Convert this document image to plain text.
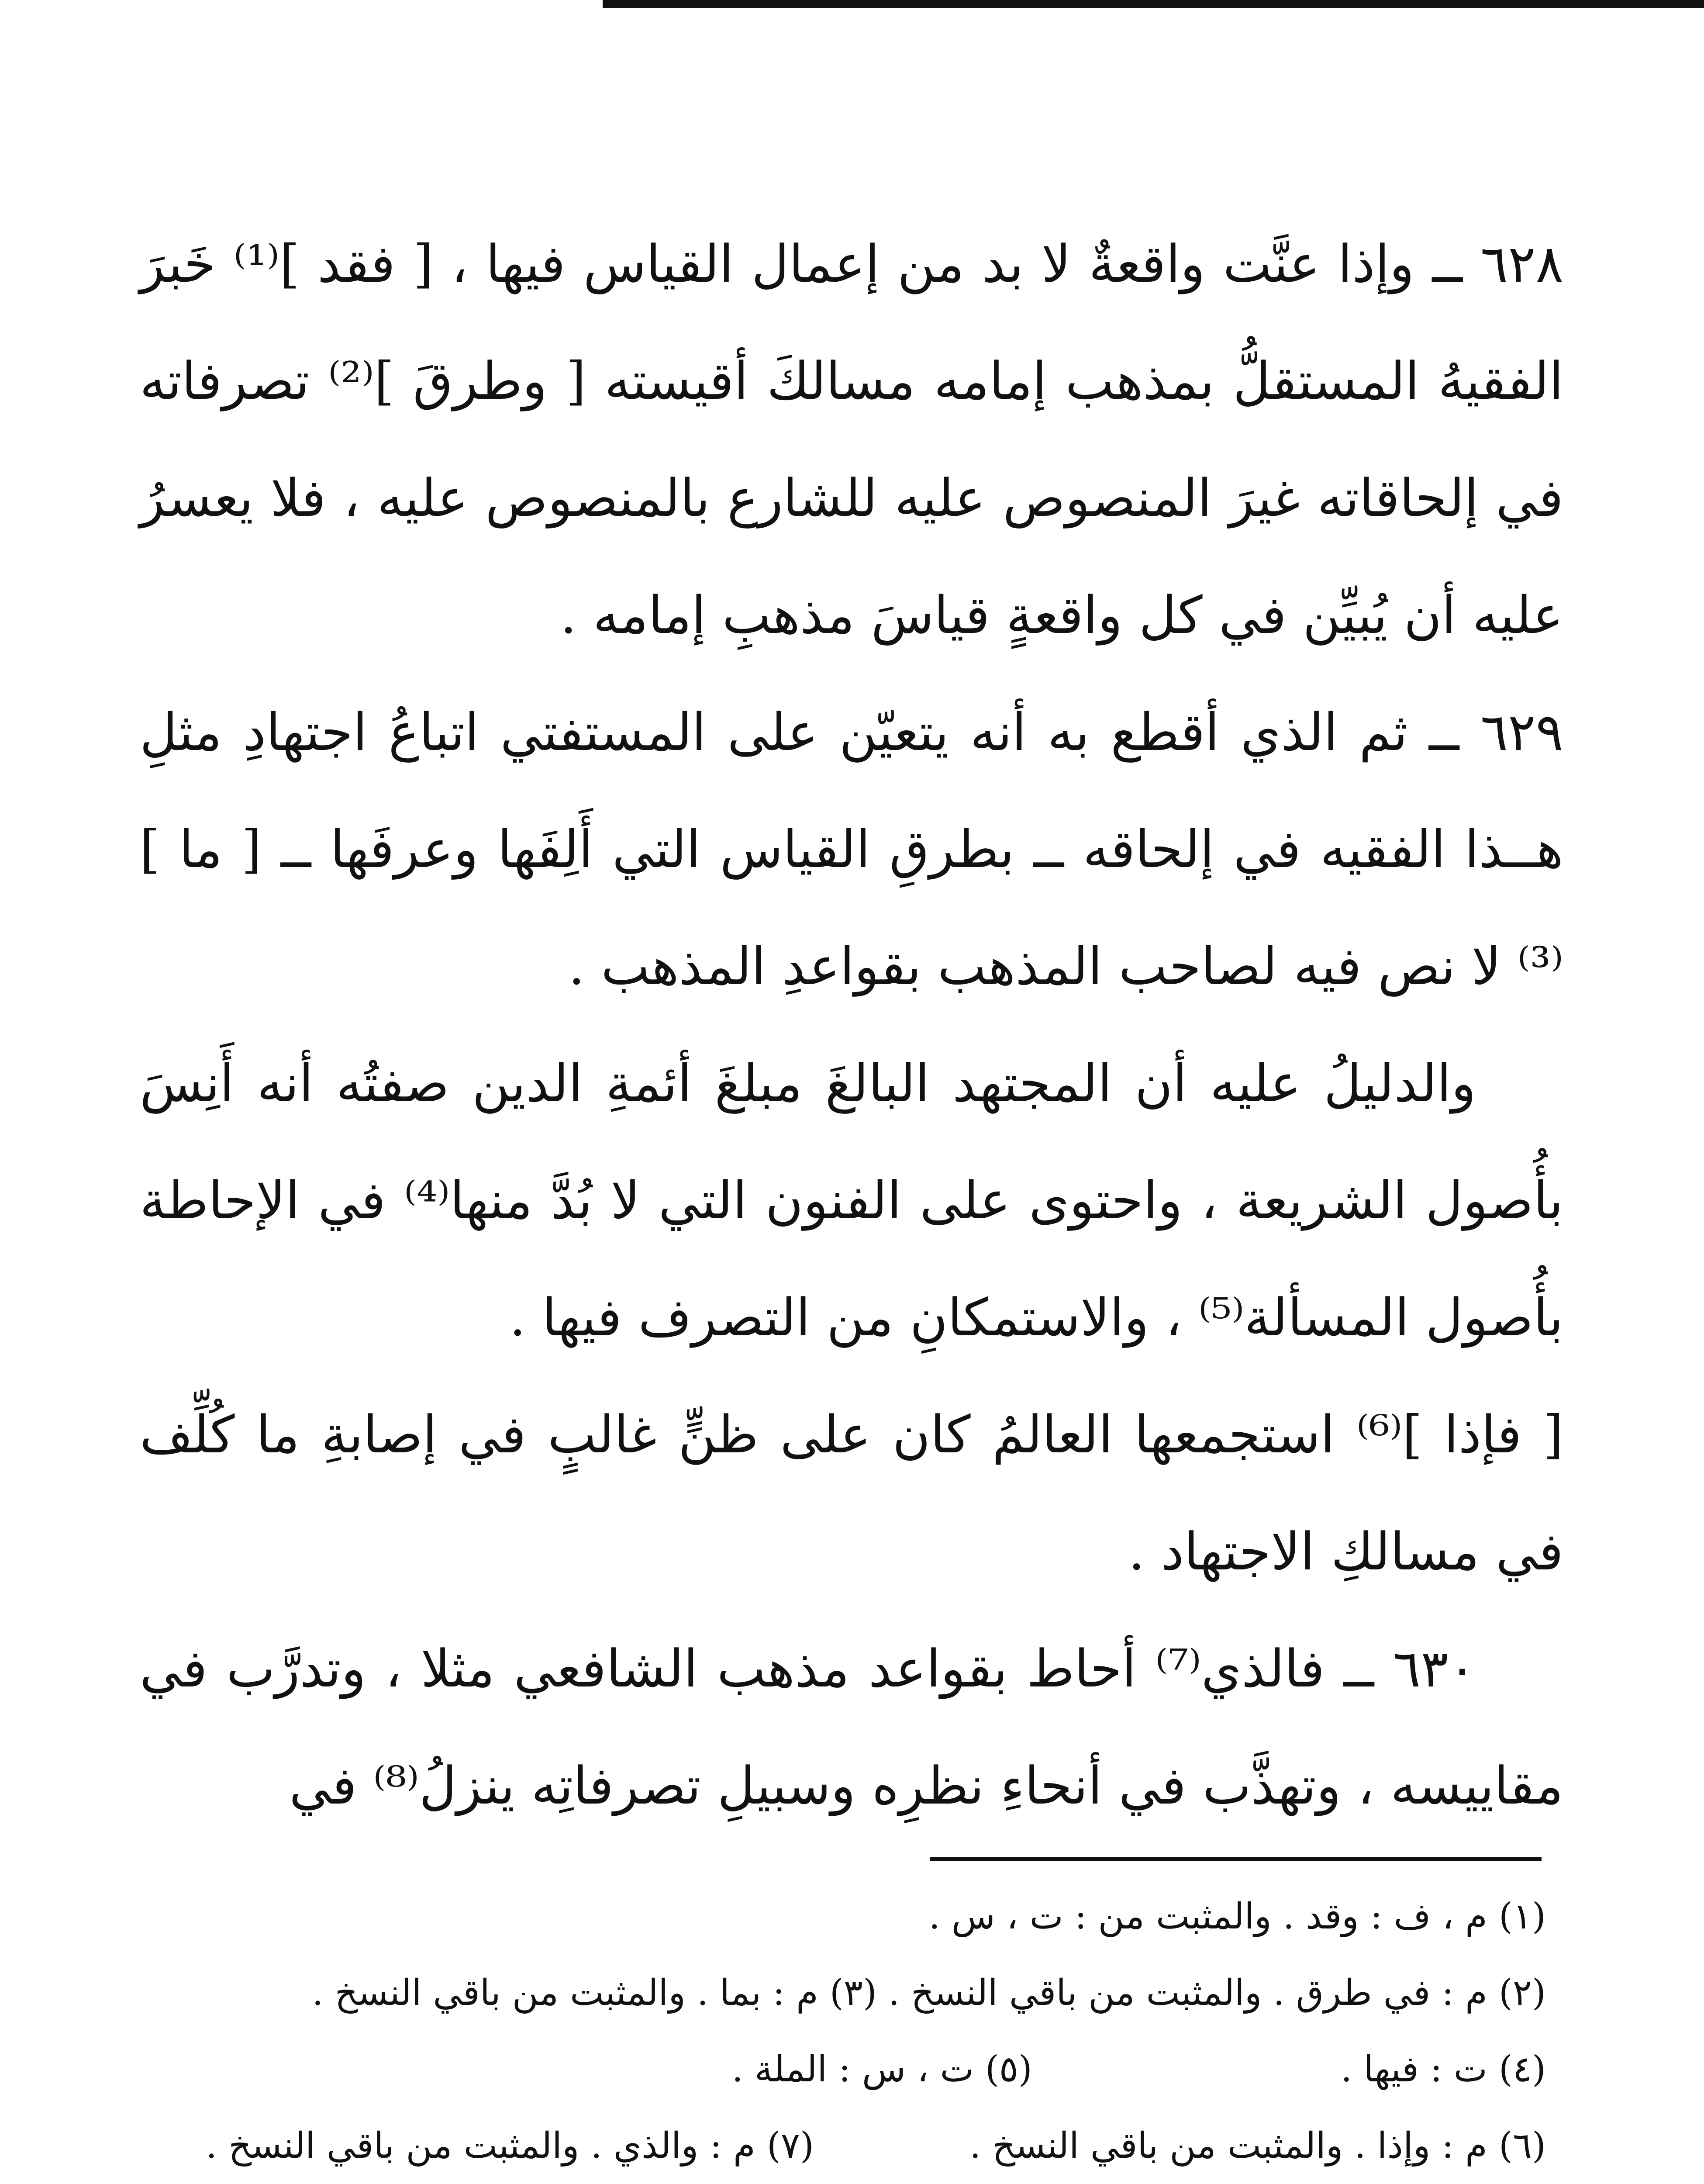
٦٢٨ ــ وإذا عنَّت واقعةٌ لا بد من إعمال القياس فيها ، [ فقد ]⁽¹⁾ خَبرَ الفقيهُ المستقلُّ بمذهب إمامه مسالكَ أقيسته [ وطرقَ ]⁽²⁾ تصرفاته في إلحاقاته غيرَ المنصوص عليه للشارع بالمنصوص عليه ، فلا يعسرُ عليه أن يُبيِّن في كل واقعةٍ قياسَ مذهبِ إمامه .

٦٢٩ ــ ثم الذي أقطع به أنه يتعيّن على المستفتي اتباعُ اجتهادِ مثلِ هــذا الفقيه في إلحاقه ــ بطرقِ القياس التي أَلِفَها وعرفَها ــ [ ما ]⁽³⁾ لا نص فيه لصاحب المذهب بقواعدِ المذهب .

والدليلُ عليه أن المجتهد البالغَ مبلغَ أئمةِ الدين صفتُه أنه أَنِسَ بأُصول الشريعة ، واحتوى على الفنون التي لا بُدَّ منها⁽⁴⁾ في الإحاطة بأُصول المسألة⁽⁵⁾ ، والاستمكانِ من التصرف فيها .

[ فإذا ]⁽⁶⁾ استجمعها العالمُ كان على ظنٍّ غالبٍ في إصابةِ ما كُلِّف في مسالكِ الاجتهاد .

٦٣٠ ــ فالذي⁽⁷⁾ أحاط بقواعد مذهب الشافعي مثلا ، وتدرَّب في مقاييسه ، وتهذَّب في أنحاءِ نظرِه وسبيلِ تصرفاتِه ينزلُ⁽⁸⁾ في

(١) م ، ف : وقد . والمثبت من : ت ، س .
(٢) م : في طرق . والمثبت من باقي النسخ . (٣) م : بما . والمثبت من باقي النسخ .
(٤) ت : فيها . (٥) ت ، س : الملة .
(٦) م : وإذا . والمثبت من باقي النسخ . (٧) م : والذي . والمثبت من باقي النسخ .
